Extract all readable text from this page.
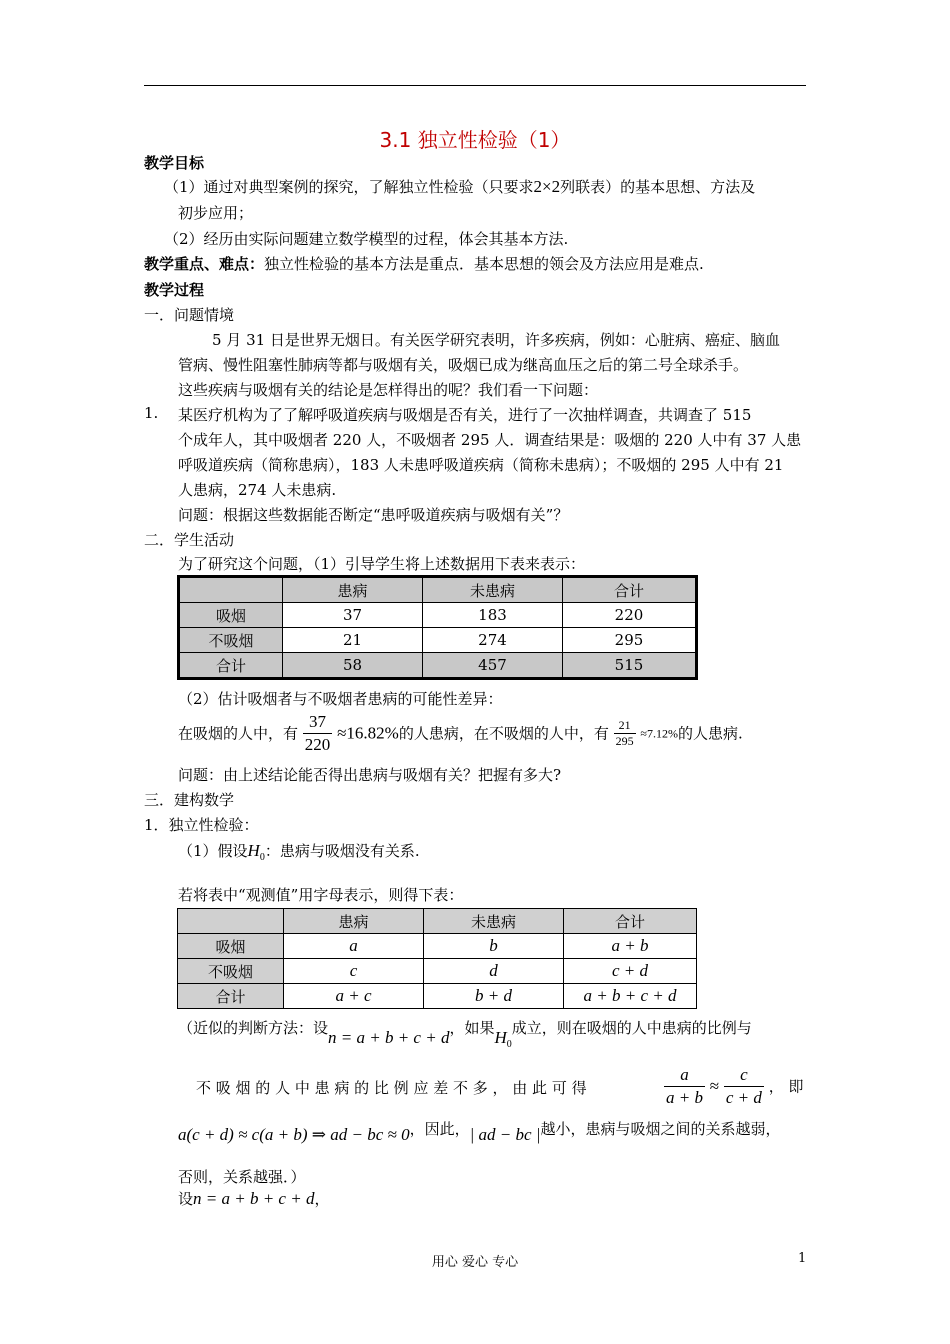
3.1 独立性检验（1）
教学目标
（1）通过对典型案例的探究，了解独立性检验（只要求2×2列联表）的基本思想、方法及
初步应用；
（2）经历由实际问题建立数学模型的过程，体会其基本方法.
教学重点、难点：独立性检验的基本方法是重点．基本思想的领会及方法应用是难点.
教学过程
一．问题情境
5 月 31 日是世界无烟日。有关医学研究表明，许多疾病，例如：心脏病、癌症、脑血
管病、慢性阻塞性肺病等都与吸烟有关，吸烟已成为继高血压之后的第二号全球杀手。
这些疾病与吸烟有关的结论是怎样得出的呢？我们看一下问题：
1. 某医疗机构为了了解呼吸道疾病与吸烟是否有关，进行了一次抽样调查，共调查了 515
个成年人，其中吸烟者 220 人，不吸烟者 295 人．调查结果是：吸烟的 220 人中有 37 人患
呼吸道疾病（简称患病），183 人未患呼吸道疾病（简称未患病）；不吸烟的 295 人中有 21
人患病，274 人未患病.
问题：根据这些数据能否断定“患呼吸道疾病与吸烟有关”？
二．学生活动
为了研究这个问题，（1）引导学生将上述数据用下表来表示：
	患病	未患病	合计
吸烟	37	183	220
不吸烟	21	274	295
合计	58	457	515
（2）估计吸烟者与不吸烟者患病的可能性差异：
在吸烟的人中，有 $\frac{37}{220} \approx 16.82\%$的人患病，在不吸烟的人中，有 $\frac{21}{295} \approx 7.12\%$的人患病.
问题：由上述结论能否得出患病与吸烟有关？把握有多大?
三．建构数学
1．独立性检验：
（1）假设$H_0$：患病与吸烟没有关系.
若将表中“观测值”用字母表示，则得下表：
	患病	未患病	合计
吸烟	a	b	a + b
不吸烟	c	d	c + d
合计	a + c	b + d	a + b + c + d
（近似的判断方法：设n = a + b + c + d，如果$H_0$成立，则在吸烟的人中患病的比例与
不 吸 烟 的 人 中 患 病 的 比 例 应 差 不 多 ， 由 此 可 得	$\frac{a}{a + b} \approx \frac{c}{c + d}$ ， 即
a(c + d) ≈ c(a + b) ⇒ ad − bc ≈ 0，因此，| ad − bc |越小，患病与吸烟之间的关系越弱，
否则，关系越强．）
设n = a + b + c + d，
用心 爱心 专心	1
